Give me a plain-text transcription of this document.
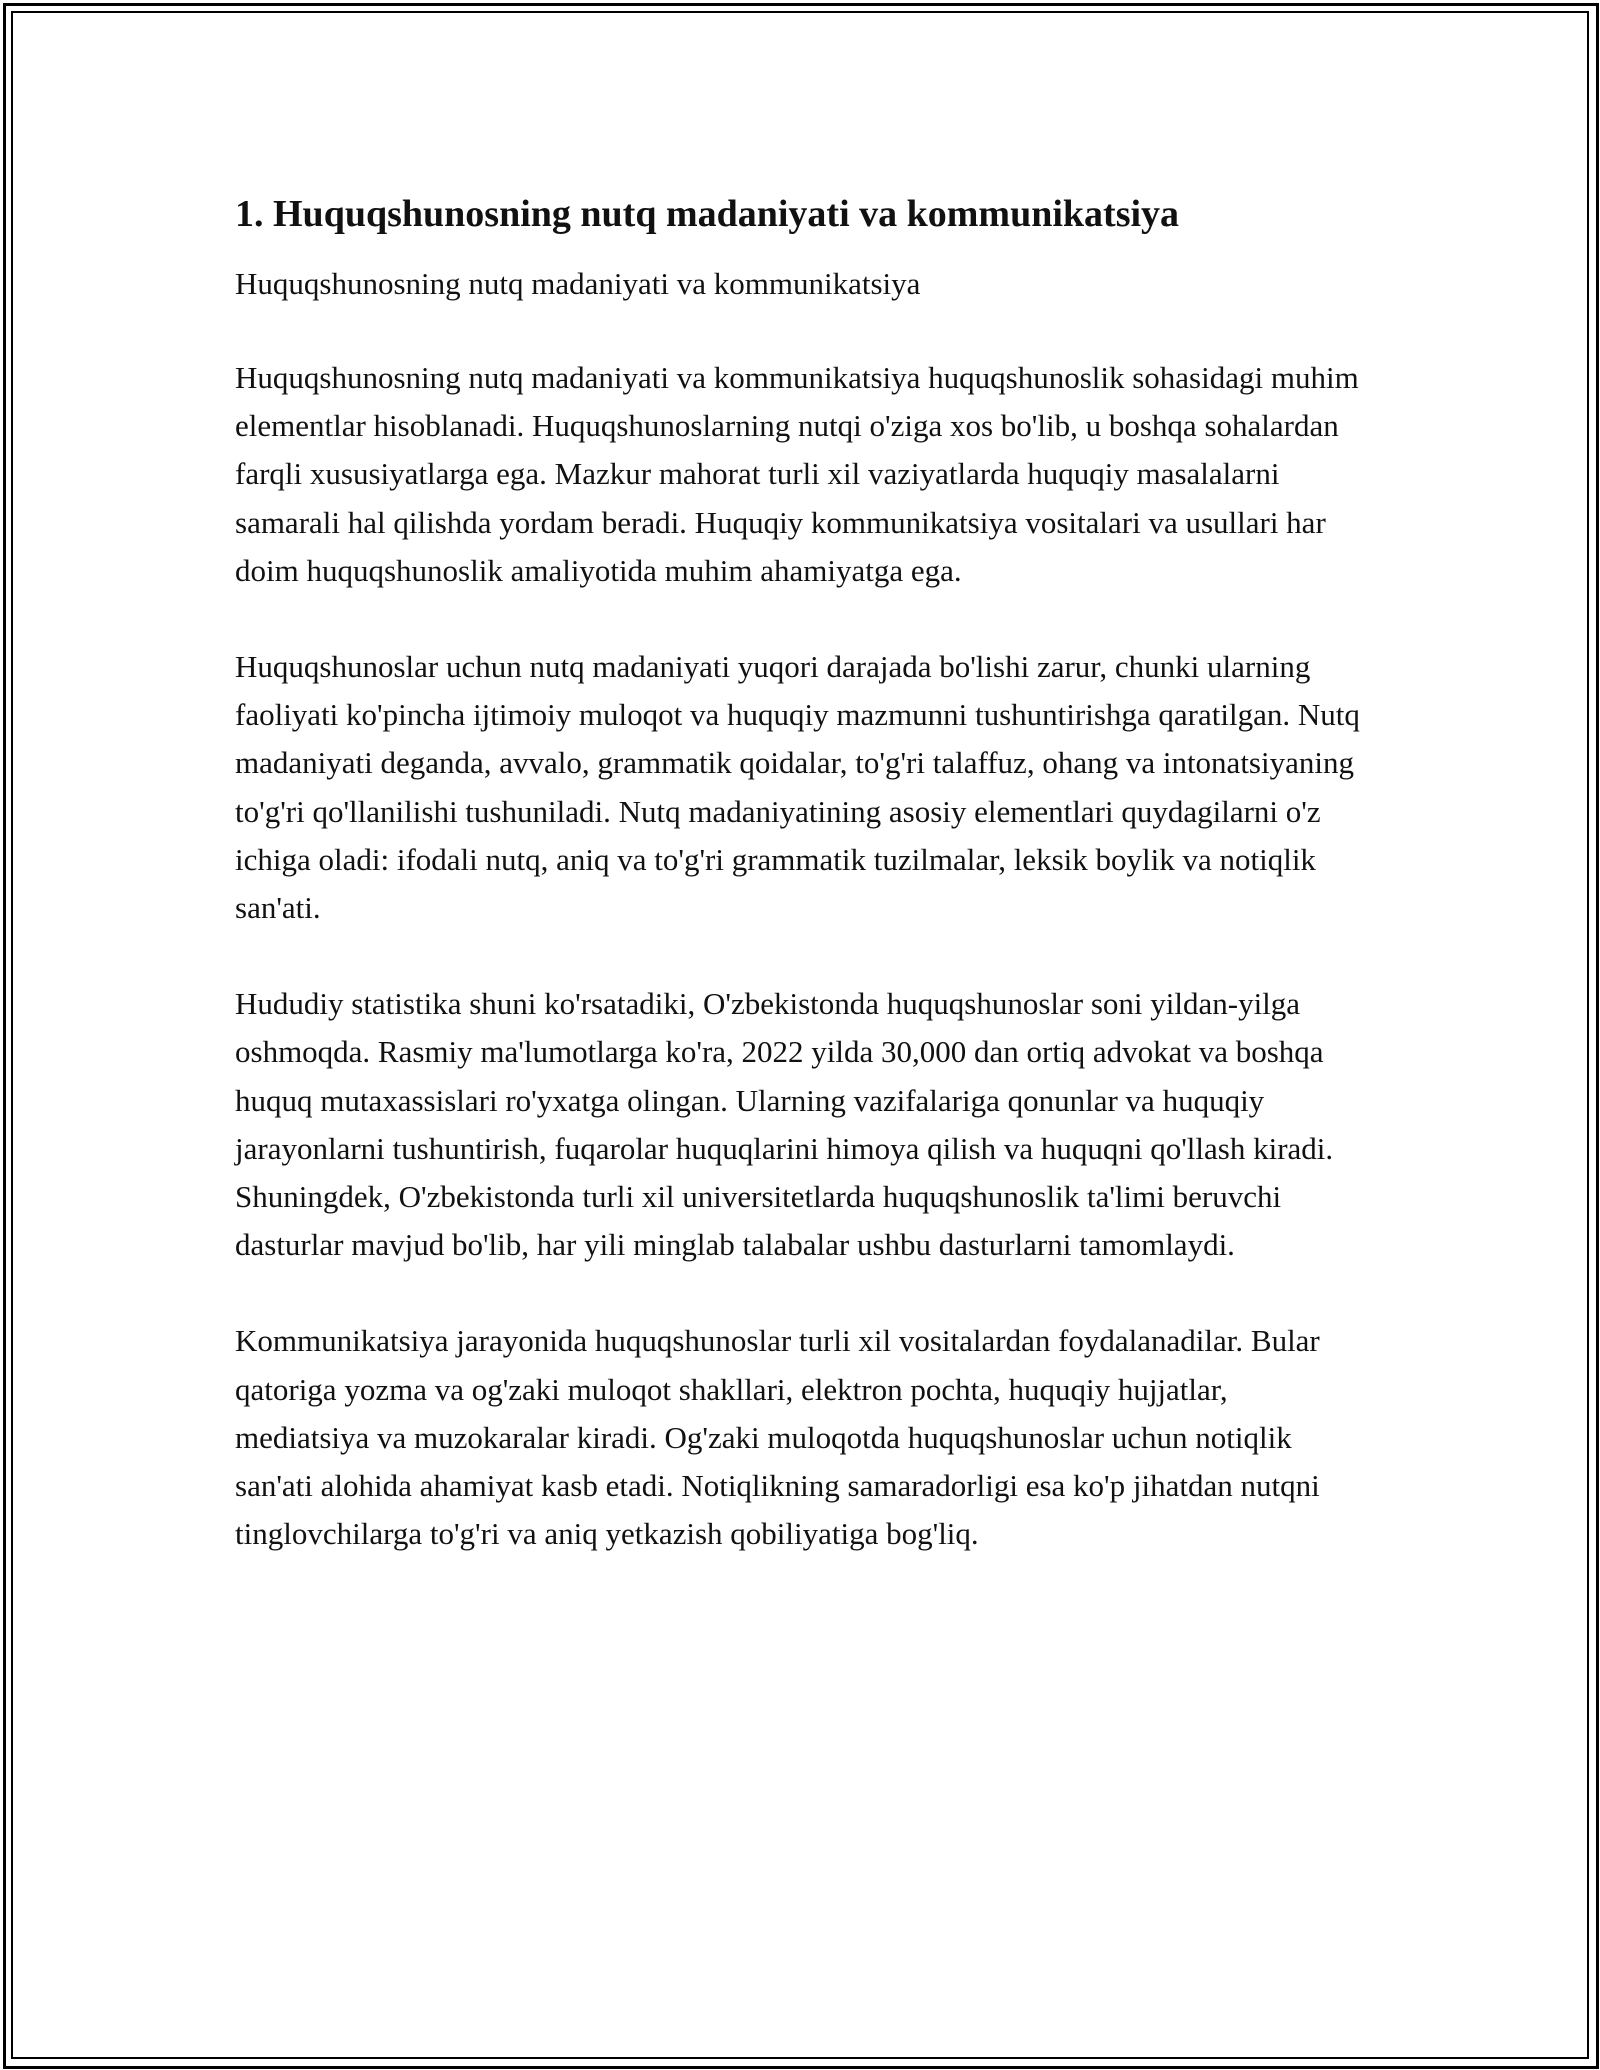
1. Huquqshunosning nutq madaniyati va kommunikatsiya

Huquqshunosning nutq madaniyati va kommunikatsiya

Huquqshunosning nutq madaniyati va kommunikatsiya huquqshunoslik sohasidagi muhim elementlar hisoblanadi. Huquqshunoslarning nutqi o'ziga xos bo'lib, u boshqa sohalardan farqli xususiyatlarga ega. Mazkur mahorat turli xil vaziyatlarda huquqiy masalalarni samarali hal qilishda yordam beradi. Huquqiy kommunikatsiya vositalari va usullari har doim huquqshunoslik amaliyotida muhim ahamiyatga ega.

Huquqshunoslar uchun nutq madaniyati yuqori darajada bo'lishi zarur, chunki ularning faoliyati ko'pincha ijtimoiy muloqot va huquqiy mazmunni tushuntirishga qaratilgan. Nutq madaniyati deganda, avvalo, grammatik qoidalar, to'g'ri talaffuz, ohang va intonatsiyaning to'g'ri qo'llanilishi tushuniladi. Nutq madaniyatining asosiy elementlari quydagilarni o'z ichiga oladi: ifodali nutq, aniq va to'g'ri grammatik tuzilmalar, leksik boylik va notiqlik san'ati.

Hududiy statistika shuni ko'rsatadiki, O'zbekistonda huquqshunoslar soni yildan-yilga oshmoqda. Rasmiy ma'lumotlarga ko'ra, 2022 yilda 30,000 dan ortiq advokat va boshqa huquq mutaxassislari ro'yxatga olingan. Ularning vazifalariga qonunlar va huquqiy jarayonlarni tushuntirish, fuqarolar huquqlarini himoya qilish va huquqni qo'llash kiradi. Shuningdek, O'zbekistonda turli xil universitetlarda huquqshunoslik ta'limi beruvchi dasturlar mavjud bo'lib, har yili minglab talabalar ushbu dasturlarni tamomlaydi.

Kommunikatsiya jarayonida huquqshunoslar turli xil vositalardan foydalanadilar. Bular qatoriga yozma va og'zaki muloqot shakllari, elektron pochta, huquqiy hujjatlar, mediatsiya va muzokaralar kiradi. Og'zaki muloqotda huquqshunoslar uchun notiqlik san'ati alohida ahamiyat kasb etadi. Notiqlikning samaradorligi esa ko'p jihatdan nutqni tinglovchilarga to'g'ri va aniq yetkazish qobiliyatiga bog'liq.
